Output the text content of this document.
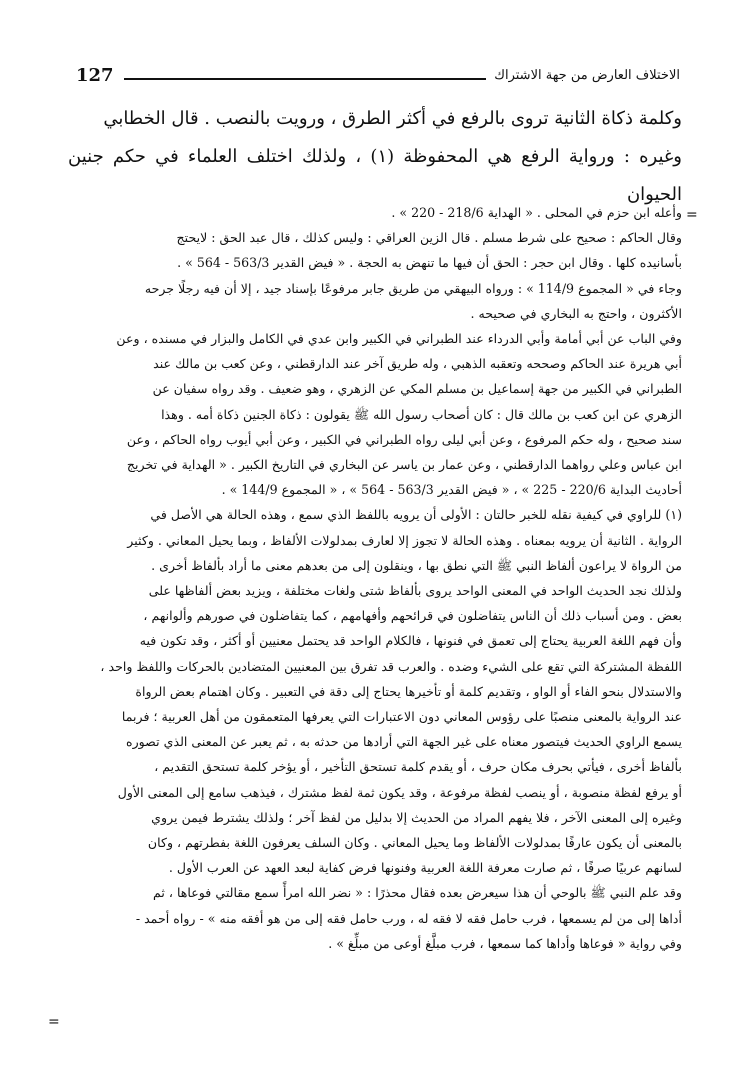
127	الاختلاف العارض من جهة الاشتراك

وكلمة ذكاة الثانية تروى بالرفع في أكثر الطرق ، ورويت بالنصب . قال الخطابي

وغيره : ورواية الرفع هي المحفوظة (١) ، ولذلك اختلف العلماء في حكم جنين الحيوان

=

وأعله ابن حزم في المحلى . « الهداية 218/6 - 220 » .

وقال الحاكم : صحيح على شرط مسلم . قال الزين العراقي : وليس كذلك ، قال عبد الحق : لايحتج

بأسانيده كلها . وقال ابن حجر : الحق أن فيها ما تنهض به الحجة . « فيض القدير 563/3 - 564 » .

وجاء في « المجموع 114/9 » : ورواه البيهقي من طريق جابر مرفوعًا بإسناد جيد ، إلا أن فيه رجلًا جرحه

الأكثرون ، واحتج به البخاري في صحيحه .

وفي الباب عن أبي أمامة وأبي الدرداء عند الطبراني في الكبير وابن عدي في الكامل والبزار في مسنده ، وعن

أبي هريرة عند الحاكم وصححه وتعقبه الذهبي ، وله طريق آخر عند الدارقطني ، وعن كعب بن مالك عند

الطبراني في الكبير من جهة إسماعيل بن مسلم المكي عن الزهري ، وهو ضعيف . وقد رواه سفيان عن

الزهري عن ابن كعب بن مالك قال : كان أصحاب رسول الله ﷺ يقولون : ذكاة الجنين ذكاة أمه . وهذا

سند صحيح ، وله حكم المرفوع ، وعن أبي ليلى رواه الطبراني في الكبير ، وعن أبي أيوب رواه الحاكم ، وعن

ابن عباس وعلي رواهما الدارقطني ، وعن عمار بن ياسر عن البخاري في التاريخ الكبير . « الهداية في تخريج

أحاديث البداية 220/6 - 225 » ، « فيض القدير 563/3 - 564 » ، « المجموع 144/9 » .

(١) للراوي في كيفية نقله للخبر حالتان : الأولى أن يرويه باللفظ الذي سمع ، وهذه الحالة هي الأصل في

الرواية . الثانية أن يرويه بمعناه . وهذه الحالة لا تجوز إلا لعارف بمدلولات الألفاظ ، وبما يحيل المعاني . وكثير

من الرواة لا يراعون ألفاظ النبي ﷺ التي نطق بها ، وينقلون إلى من بعدهم معنى ما أراد بألفاظ أخرى .

ولذلك نجد الحديث الواحد في المعنى الواحد يروى بألفاظ شتى ولغات مختلفة ، ويزيد بعض ألفاظها على

بعض . ومن أسباب ذلك أن الناس يتفاضلون في قرائحهم وأفهامهم ، كما يتفاضلون في صورهم وألوانهم ،

وأن فهم اللغة العربية يحتاج إلى تعمق في فنونها ، فالكلام الواحد قد يحتمل معنيين أو أكثر ، وقد تكون فيه

اللفظة المشتركة التي تقع على الشيء وضده . والعرب قد تفرق بين المعنيين المتضادين بالحركات واللفظ واحد ،

والاستدلال بنحو الفاء أو الواو ، وتقديم كلمة أو تأخيرها يحتاج إلى دقة في التعبير . وكان اهتمام بعض الرواة

عند الرواية بالمعنى منصبًا على رؤوس المعاني دون الاعتبارات التي يعرفها المتعمقون من أهل العربية ؛ فربما

يسمع الراوي الحديث فيتصور معناه على غير الجهة التي أرادها من حدثه به ، ثم يعبر عن المعنى الذي تصوره

بألفاظ أخرى ، فيأتي بحرف مكان حرف ، أو يقدم كلمة تستحق التأخير ، أو يؤخر كلمة تستحق التقديم ،

أو يرفع لفظة منصوبة ، أو ينصب لفظة مرفوعة ، وقد يكون ثمة لفظ مشترك ، فيذهب سامع إلى المعنى الأول

وغيره إلى المعنى الآخر ، فلا يفهم المراد من الحديث إلا بدليل من لفظ آخر ؛ ولذلك يشترط فيمن يروي

بالمعنى أن يكون عارفًا بمدلولات الألفاظ وما يحيل المعاني . وكان السلف يعرفون اللغة بفطرتهم ، وكان

لسانهم عربيًا صرفًا ، ثم صارت معرفة اللغة العربية وفنونها فرض كفاية لبعد العهد عن العرب الأول .

وقد علم النبي ﷺ بالوحي أن هذا سيعرض بعده فقال محذرًا : « نضر الله امرأً سمع مقالتي فوعاها ، ثم

أداها إلى من لم يسمعها ، فرب حامل فقه لا فقه له ، ورب حامل فقه إلى من هو أفقه منه » - رواه أحمد -

وفي رواية « فوعاها وأداها كما سمعها ، فرب مبلَّغ أوعى من مبلِّغ » .

=
